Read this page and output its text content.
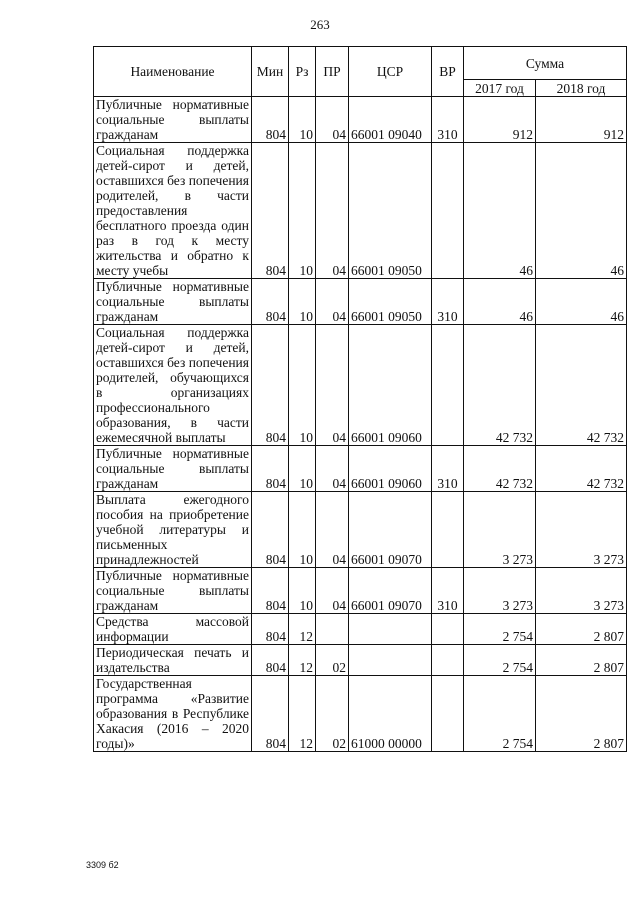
263
Наименование	Мин	Рз	ПР	ЦСР	ВР	Сумма	
						2017 год	2018 год
Публичные нормативные социальные выплаты гражданам	804	10	04	66001 09040	310	912	912
Социальная поддержка детей-сирот и детей, оставшихся без попечения родителей, в части предоставления бесплатного проезда один раз в год к месту жительства и обратно к месту учебы	804	10	04	66001 09050		46	46
Публичные нормативные социальные выплаты гражданам	804	10	04	66001 09050	310	46	46
Социальная поддержка детей-сирот и детей, оставшихся без попечения родителей, обучающихся в организациях профессионального образования, в части ежемесячной выплаты	804	10	04	66001 09060		42 732	42 732
Публичные нормативные социальные выплаты гражданам	804	10	04	66001 09060	310	42 732	42 732
Выплата ежегодного пособия на приобретение учебной литературы и письменных принадлежностей	804	10	04	66001 09070		3 273	3 273
Публичные нормативные социальные выплаты гражданам	804	10	04	66001 09070	310	3 273	3 273
Средства массовой информации	804	12				2 754	2 807
Периодическая печать и издательства	804	12	02			2 754	2 807
Государственная программа «Развитие образования в Республике Хакасия (2016 – 2020 годы)»	804	12	02	61000 00000		2 754	2 807
3309 б2
